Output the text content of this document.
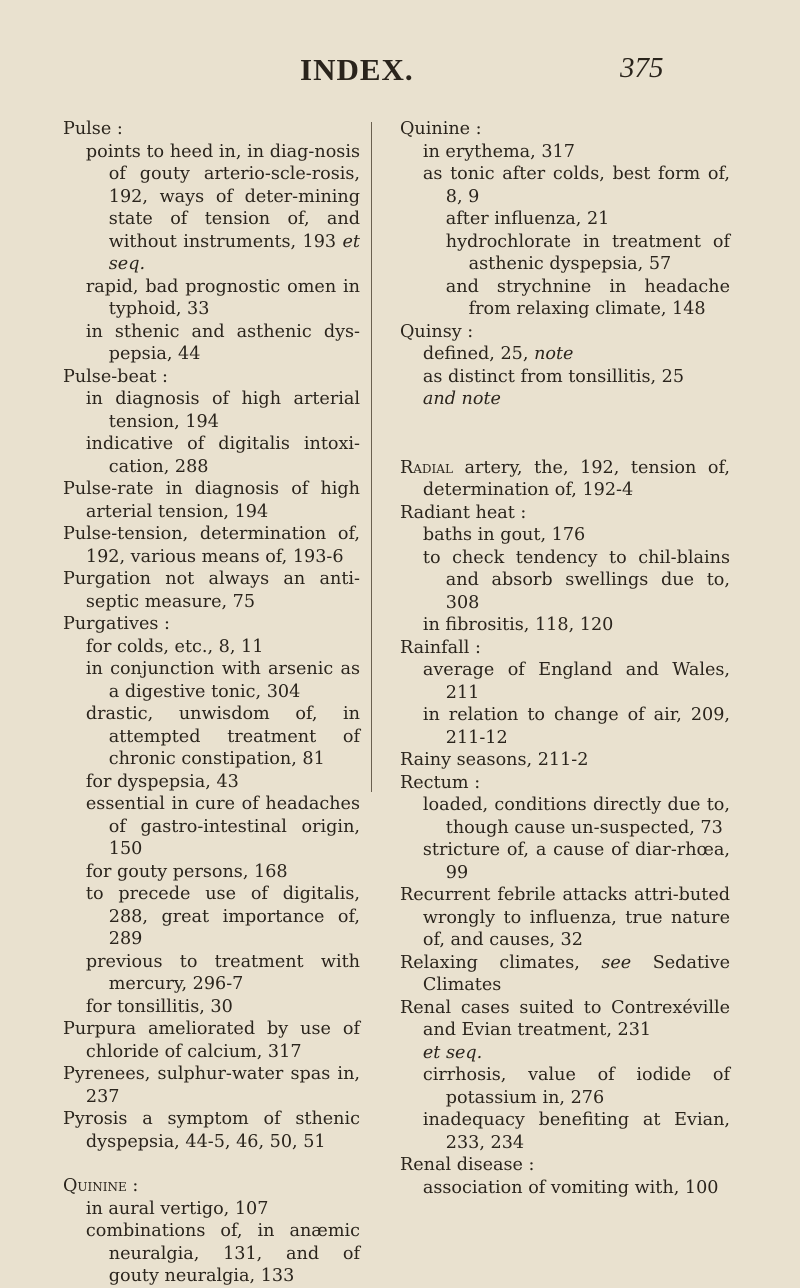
INDEX.	375

Pulse :

points to heed in, in diag-nosis of gouty arterio-scle-rosis, 192, ways of deter-mining state of tension of, and without instruments, 193 et seq.

rapid, bad prognostic omen in typhoid, 33

in sthenic and asthenic dys-pepsia, 44

Pulse-beat :

in diagnosis of high arterial tension, 194

indicative of digitalis intoxi-cation, 288

Pulse-rate in diagnosis of high arterial tension, 194

Pulse-tension, determination of, 192, various means of, 193-6

Purgation not always an anti-septic measure, 75

Purgatives :

for colds, etc., 8, 11

in conjunction with arsenic as a digestive tonic, 304

drastic, unwisdom of, in attempted treatment of chronic constipation, 81

for dyspepsia, 43

essential in cure of headaches of gastro-intestinal origin, 150

for gouty persons, 168

to precede use of digitalis, 288, great importance of, 289

previous to treatment with mercury, 296-7

for tonsillitis, 30

Purpura ameliorated by use of chloride of calcium, 317

Pyrenees, sulphur-water spas in, 237

Pyrosis a symptom of sthenic dyspepsia, 44-5, 46, 50, 51

Quinine :

in aural vertigo, 107

combinations of, in anæmic neuralgia, 131, and of gouty neuralgia, 133

Quinine :

in erythema, 317

as tonic after colds, best form of, 8, 9

after influenza, 21

hydrochlorate in treatment of asthenic dyspepsia, 57

and strychnine in headache from relaxing climate, 148

Quinsy :

defined, 25, note

as distinct from tonsillitis, 25

and note

Radial artery, the, 192, tension of, determination of, 192-4

Radiant heat :

baths in gout, 176

to check tendency to chil-blains and absorb swellings due to, 308

in fibrositis, 118, 120

Rainfall :

average of England and Wales, 211

in relation to change of air, 209, 211-12

Rainy seasons, 211-2

Rectum :

loaded, conditions directly due to, though cause un-suspected, 73

stricture of, a cause of diar-rhœa, 99

Recurrent febrile attacks attri-buted wrongly to influenza, true nature of, and causes, 32

Relaxing climates, see Sedative Climates

Renal cases suited to Contrexéville and Evian treatment, 231

et seq.

cirrhosis, value of iodide of potassium in, 276

inadequacy benefiting at Evian, 233, 234

Renal disease :

association of vomiting with, 100
